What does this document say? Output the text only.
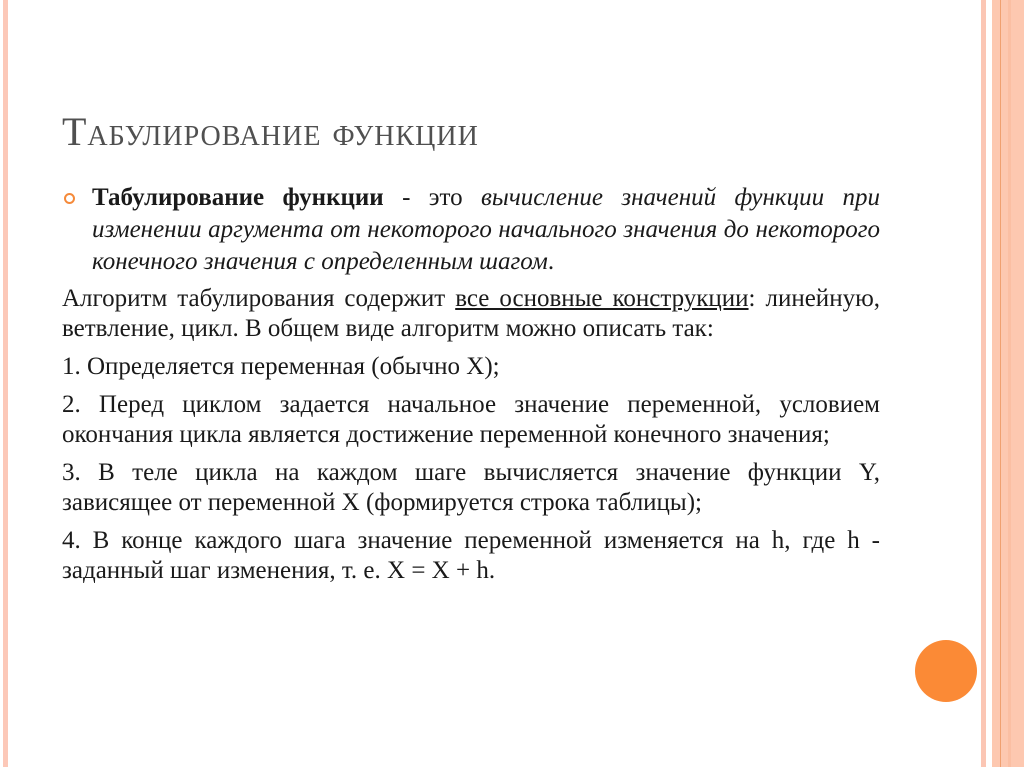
Табулирование функции

Табулирование функции - это вычисление значений функции при изменении аргумента от некоторого начального значения до некоторого конечного значения с определенным шагом.

Алгоритм табулирования содержит все основные конструкции: линейную, ветвление, цикл. В общем виде алгоритм можно описать так:

1. Определяется переменная (обычно X);

2. Перед циклом задается начальное значение переменной, условием окончания цикла является достижение переменной конечного значения;

3. В теле цикла на каждом шаге вычисляется значение функции Y, зависящее от переменной X (формируется строка таблицы);

4. В конце каждого шага значение переменной изменяется на h, где h - заданный шаг изменения, т. е. X = X + h.
